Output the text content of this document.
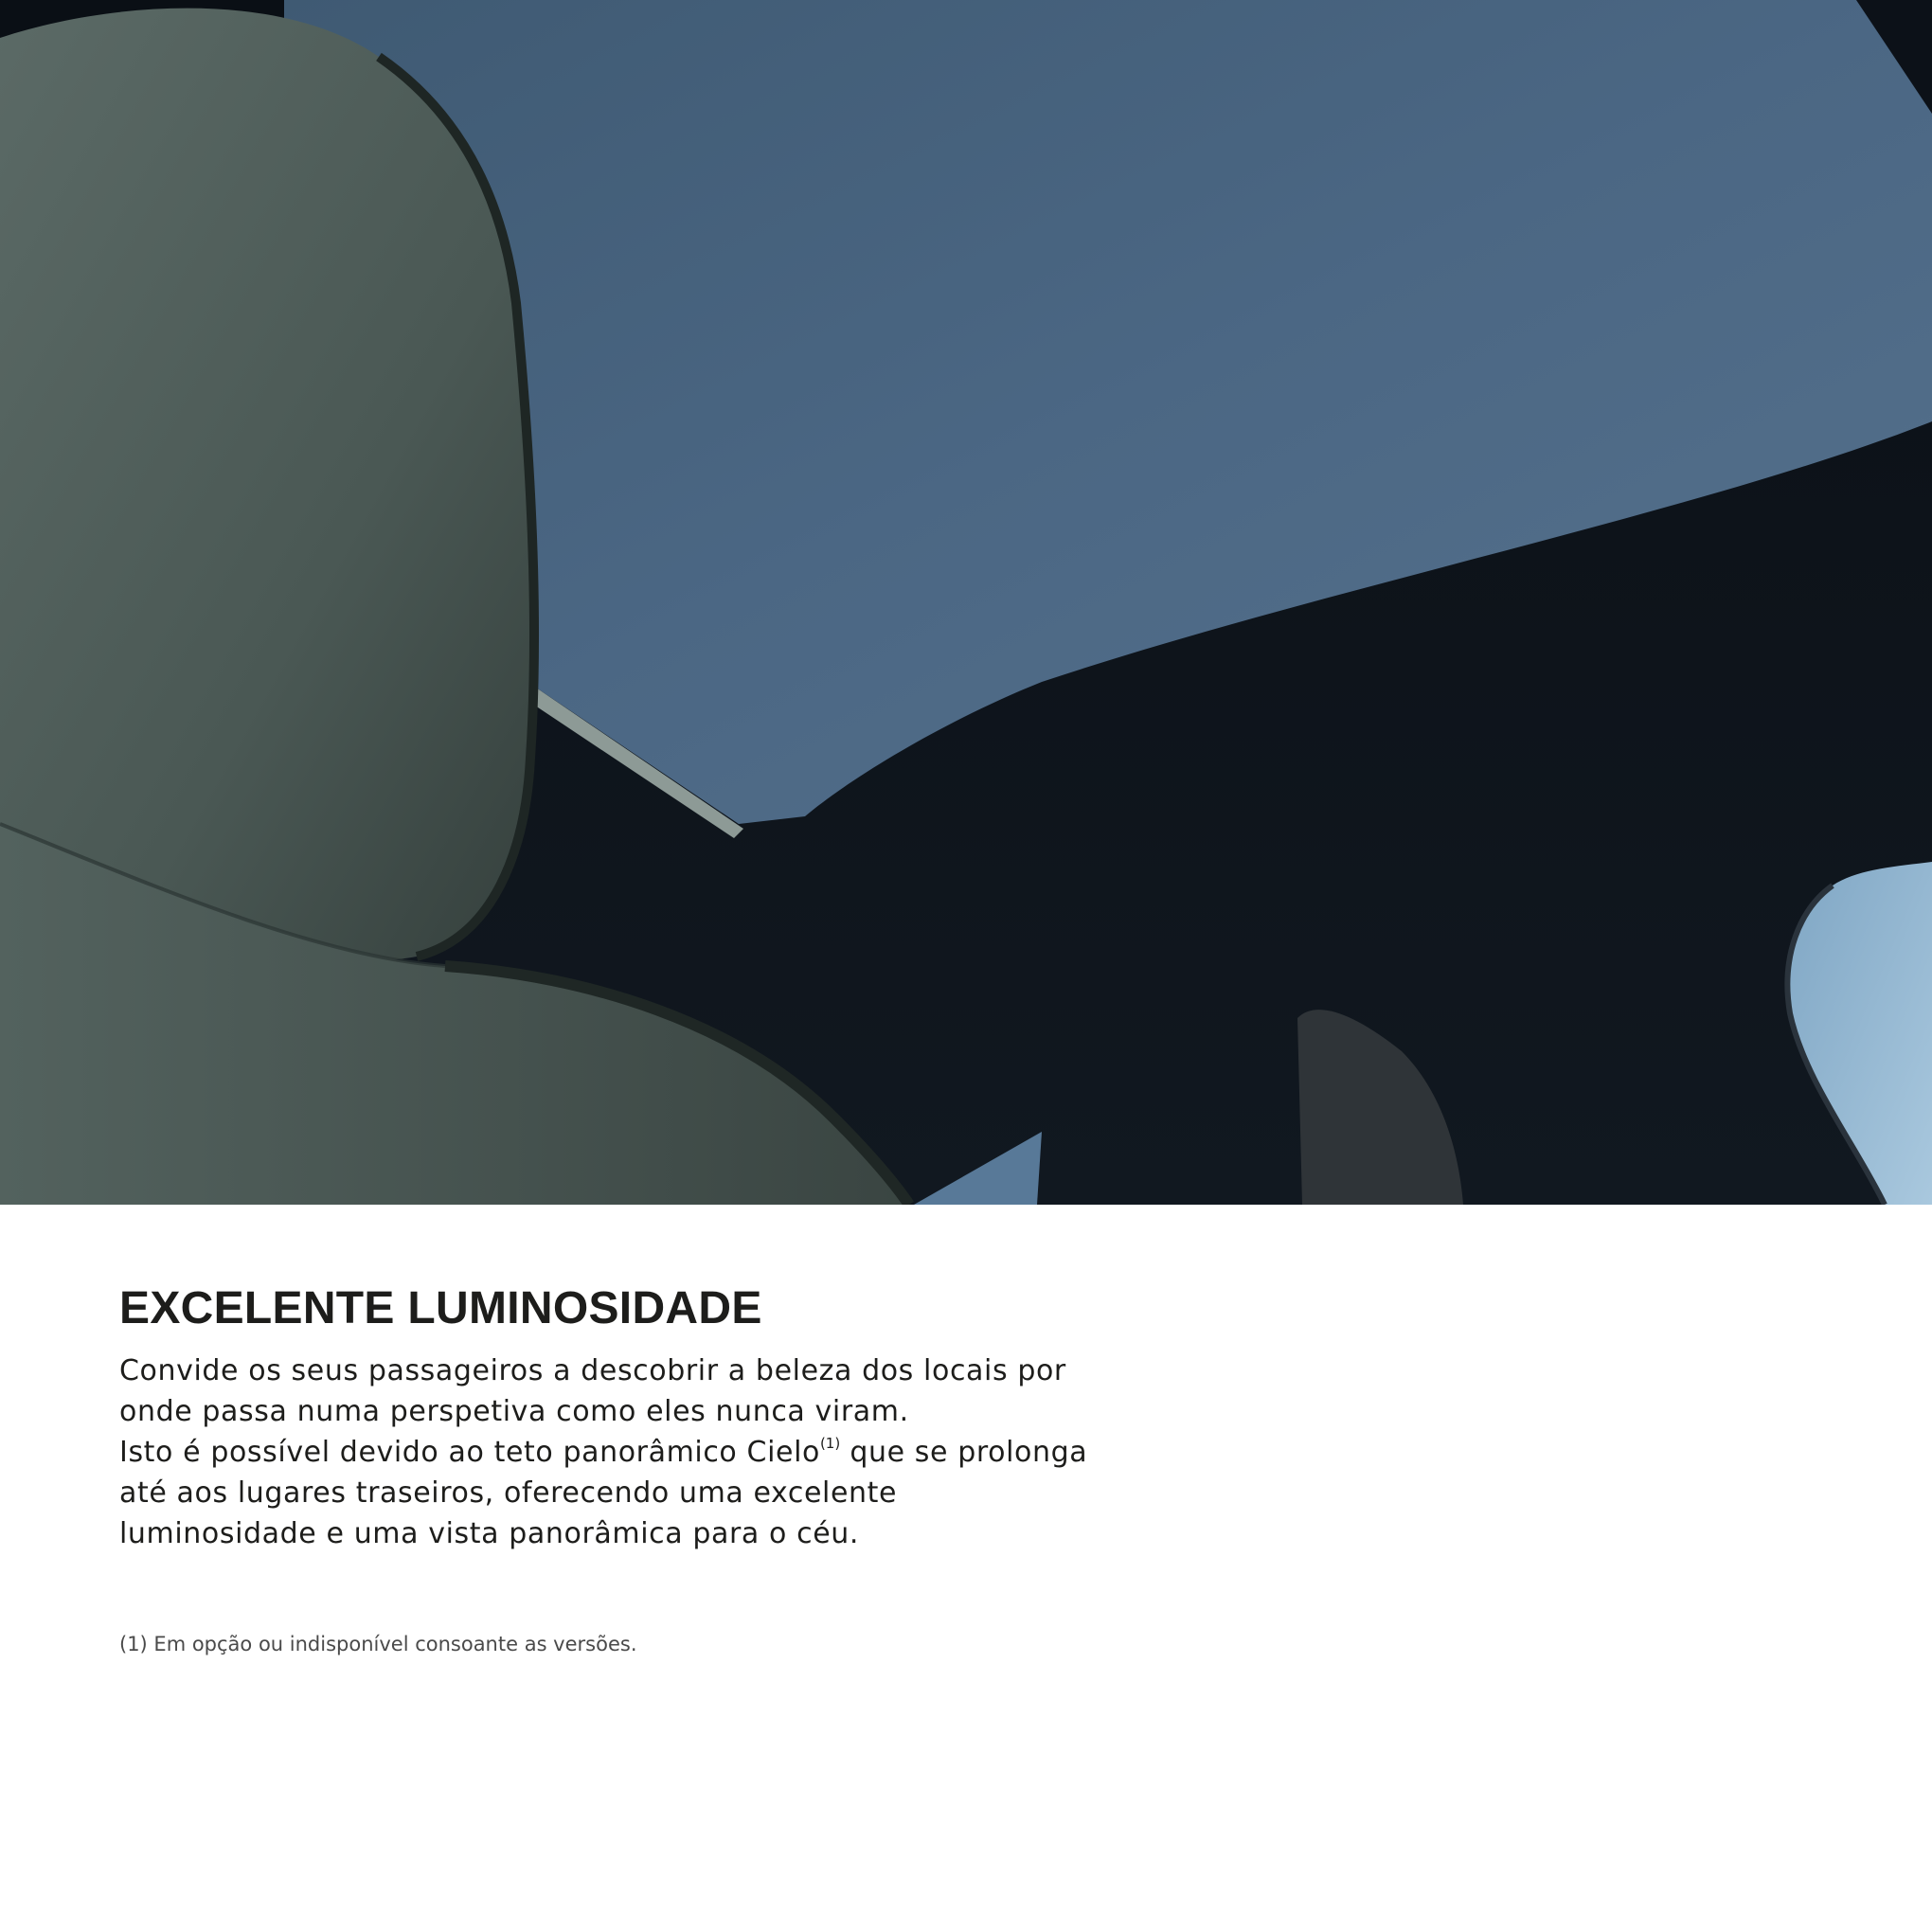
EXCELENTE LUMINOSIDADE
Convide os seus passageiros a descobrir a beleza dos locais por
onde passa numa perspetiva como eles nunca viram.
Isto é possível devido ao teto panorâmico Cielo$^{(1)}$ que se prolonga
até aos lugares traseiros, oferecendo uma excelente
luminosidade e uma vista panorâmica para o céu.
(1) Em opção ou indisponível consoante as versões.
